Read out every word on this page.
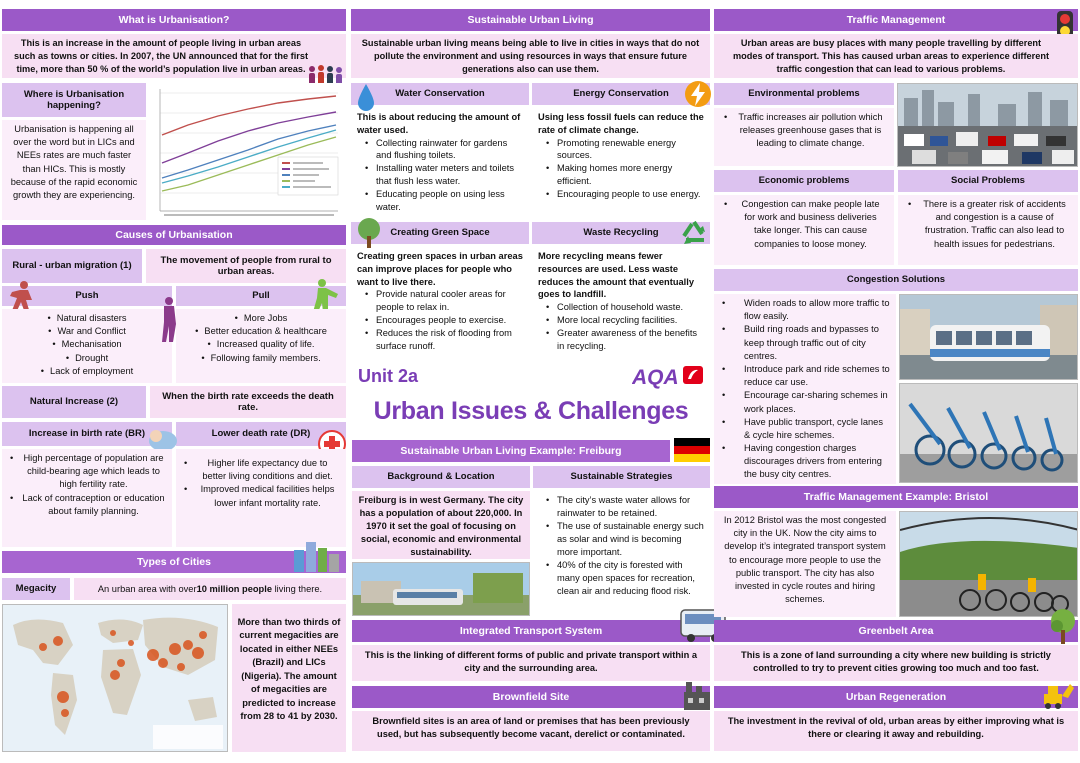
What is Urbanisation?
This is an increase in the amount of people living in urban areas such as towns or cities. In 2007, the UN announced that for the first time, more than 50 % of the world’s population live in urban areas.
Where is Urbanisation happening?
Urbanisation is happening all over the word but in LICs and NEEs rates are much faster than HICs. This is mostly because of the rapid economic growth they are experiencing.
Causes of Urbanisation
Rural - urban migration (1)
The movement of people from rural to urban areas.
Push	Pull
• Natural disasters
• War and Conflict
• Mechanisation
• Drought
• Lack of employment
• More Jobs
• Better education & healthcare
• Increased quality of life.
• Following family members.
Natural Increase (2)
When the birth rate exceeds the death rate.
Increase in birth rate (BR)	Lower death rate (DR)
• High percentage of population are child-bearing age which leads to high fertility rate.
• Lack of contraception or education about family planning.
• Higher life expectancy due to better living conditions and diet.
• Improved medical facilities helps lower infant mortality rate.
Types of Cities
Megacity	An urban area with over 10 million people living there.
More than two thirds of current megacities are located in either NEEs (Brazil) and LICs (Nigeria). The amount of megacities are predicted to increase from 28 to 41 by 2030.
Sustainable Urban Living
Sustainable urban living means being able to live in cities in ways that do not pollute the environment and using resources in ways that ensure future generations also can use them.
Water Conservation	Energy Conservation
This is about reducing the amount of water used.
• Collecting rainwater for gardens and flushing toilets.
• Installing water meters and toilets that flush less water.
• Educating people on using less water.
Using less fossil fuels can reduce the rate of climate change.
• Promoting renewable energy sources.
• Making homes more energy efficient.
• Encouraging people to use energy.
Creating Green Space	Waste Recycling
Creating green spaces in urban areas can improve places for people who want to live there.
• Provide natural cooler areas for people to relax in.
• Encourages people to exercise.
• Reduces the risk of flooding from surface runoff.
More recycling means fewer resources are used. Less waste reduces the amount that eventually goes to landfill.
• Collection of household waste.
• More local recycling facilities.
• Greater awareness of the benefits in recycling.
Unit 2a	AQA
Urban Issues & Challenges
Sustainable Urban Living Example: Freiburg
Background & Location	Sustainable Strategies
Freiburg is in west Germany. The city has a population of about 220,000. In 1970 it set the goal of focusing on social, economic and environmental sustainability.
• The city’s waste water allows for rainwater to be retained.
• The use of sustainable energy such as solar and wind is becoming more important.
• 40% of the city is forested with many open spaces for recreation, clean air and reducing flood risk.
Integrated Transport System
This is the linking of different forms of public and private transport within a city and the surrounding area.
Brownfield Site
Brownfield sites is an area of land or premises that has been previously used, but has subsequently become vacant, derelict or contaminated.
Traffic Management
Urban areas are busy places with many people travelling by different modes of transport. This has caused urban areas to experience different traffic congestion that can lead to various problems.
Environmental problems
• Traffic increases air pollution which releases greenhouse gases that is leading to climate change.
Economic problems	Social Problems
• Congestion can make people late for work and business deliveries take longer. This can cause companies to loose money.
• There is a greater risk of accidents and congestion is a cause of frustration. Traffic can also lead to health issues for pedestrians.
Congestion Solutions
• Widen roads to allow more traffic to flow easily.
• Build ring roads and bypasses to keep through traffic out of city centres.
• Introduce park and ride schemes to reduce car use.
• Encourage car-sharing schemes in work places.
• Have public transport, cycle lanes & cycle hire schemes.
• Having congestion charges discourages drivers from entering the busy city centres.
Traffic Management Example: Bristol
In 2012 Bristol was the most congested city in the UK. Now the city aims to develop it’s integrated transport system to encourage more people to use the public transport. The city has also invested in cycle routes and hiring schemes.
Greenbelt Area
This is a zone of land surrounding a city where new building is strictly controlled to try to prevent cities growing too much and too fast.
Urban Regeneration
The investment in the revival of old, urban areas by either improving what is there or clearing it away and rebuilding.
